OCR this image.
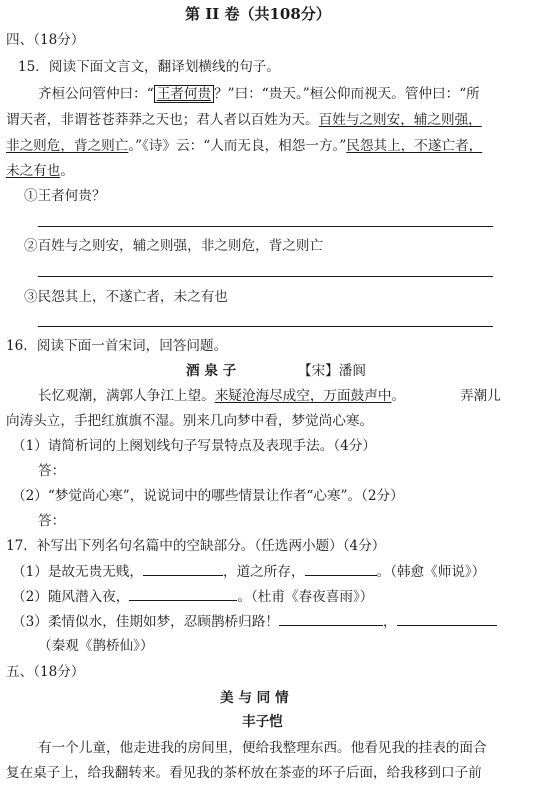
第 II 卷（共108分）
四、（18分）
15．阅读下面文言文，翻译划横线的句子。
齐桓公问管仲曰：“ 王者何贵 ？”曰：“贵天。”桓公仰而视天。管仲曰：“所
谓天者，非谓苍苍莽莽之天也；君人者以百姓为天。百姓与之则安，辅之则强，
非之则危，背之则亡。”《诗》云：“人而无良，相怨一方。”民怨其上，不遂亡者，
未之有也。
①王者何贵？
②百姓与之则安，辅之则强，非之则危，背之则亡
③民怨其上，不遂亡者，未之有也
16．阅读下面一首宋词，回答问题。
酒 泉 子	【宋】潘阆
长忆观潮，满郭人争江上望。来疑沧海尽成空，万面鼓声中。	弄潮儿
向涛头立，手把红旗旗不湿。别来几向梦中看，梦觉尚心寒。
（1）请简析词的上阕划线句子写景特点及表现手法。（4分）
答：
（2）“梦觉尚心寒”，说说词中的哪些情景让作者“心寒”。（2分）
答：
17．补写出下列名句名篇中的空缺部分。（任选两小题）（4分）
（1）是故无贵无贱，	，道之所存，	。（韩愈《师说》）
（2）随风潜入夜，	。（杜甫《春夜喜雨》）
（3）柔情似水，佳期如梦，忍顾鹊桥归路！	，
（秦观《鹊桥仙》）
五、（18分）
美 与 同 情
丰子恺
有一个儿童，他走进我的房间里，便给我整理东西。他看见我的挂表的面合
复在桌子上，给我翻转来。看见我的茶杯放在茶壶的环子后面，给我移到口子前
